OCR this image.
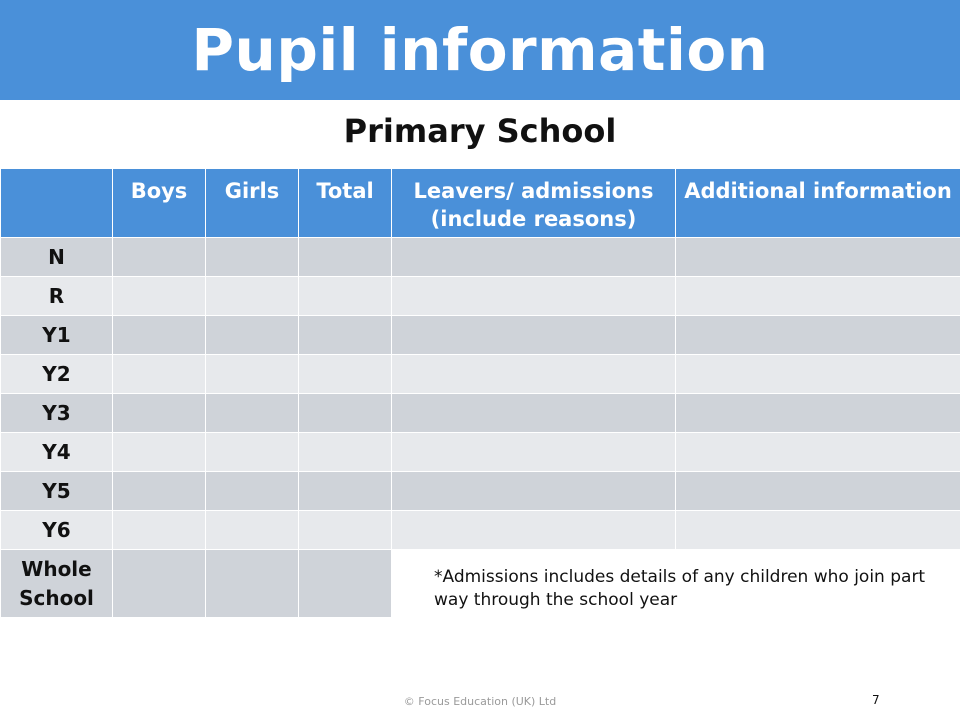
Pupil information
Primary School
	Boys	Girls	Total	Leavers/ admissions (include reasons)	Additional information
N					
R					
Y1					
Y2					
Y3					
Y4					
Y5					
Y6					
Whole School				*Admissions includes details of any children who join part way through the school year	
© Focus Education (UK) Ltd	7
